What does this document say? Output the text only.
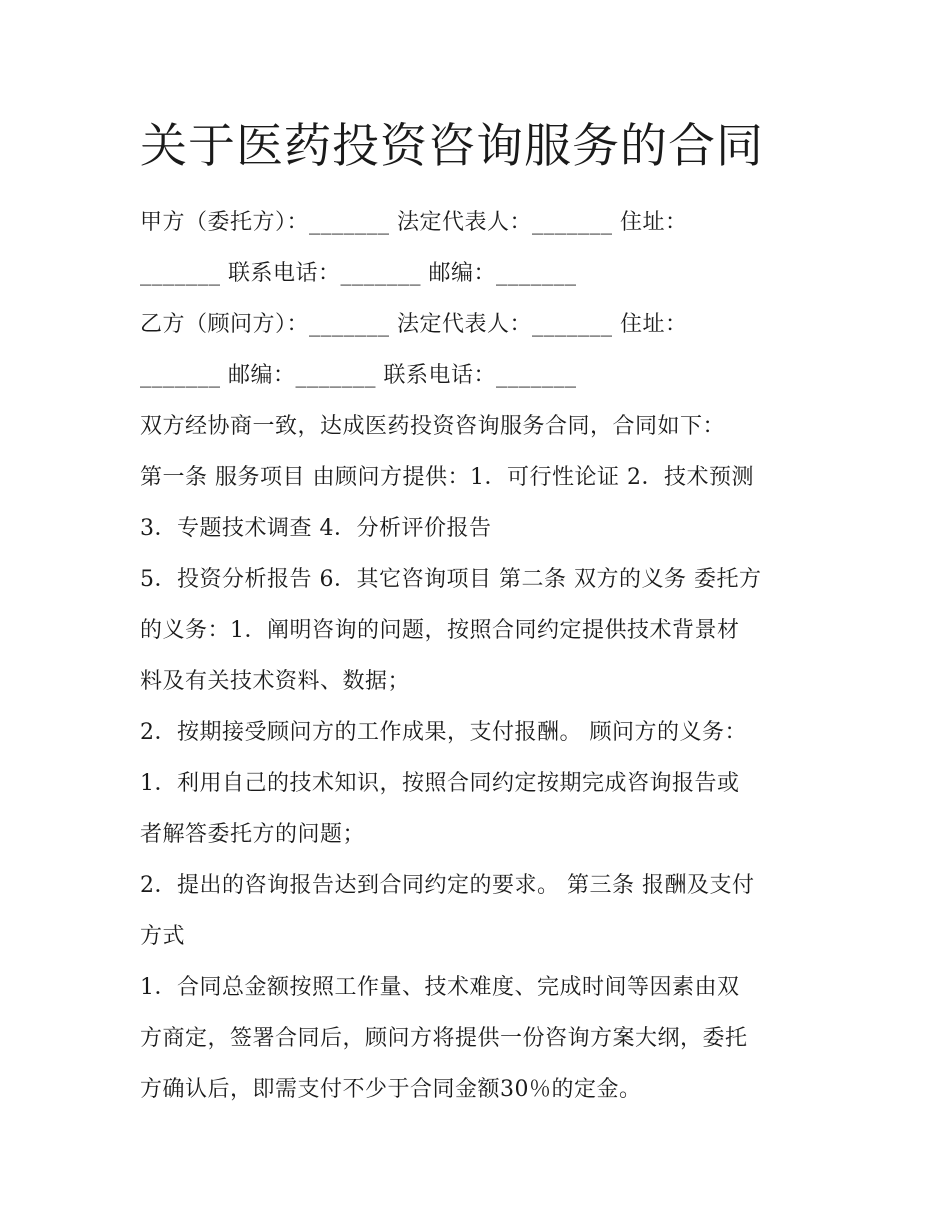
关于医药投资咨询服务的合同
甲方（委托方）：_______ 法定代表人：_______ 住址：
_______ 联系电话：_______ 邮编：_______
乙方（顾问方）：_______ 法定代表人：_______ 住址：
_______ 邮编：_______ 联系电话：_______
双方经协商一致，达成医药投资咨询服务合同，合同如下：
第一条 服务项目 由顾问方提供：1．可行性论证 2．技术预测
3．专题技术调查 4．分析评价报告
5．投资分析报告 6．其它咨询项目 第二条 双方的义务 委托方
的义务：1．阐明咨询的问题，按照合同约定提供技术背景材
料及有关技术资料、数据；
2．按期接受顾问方的工作成果，支付报酬。 顾问方的义务：
1．利用自己的技术知识，按照合同约定按期完成咨询报告或
者解答委托方的问题；
2．提出的咨询报告达到合同约定的要求。 第三条 报酬及支付
方式
1．合同总金额按照工作量、技术难度、完成时间等因素由双
方商定，签署合同后，顾问方将提供一份咨询方案大纲，委托
方确认后，即需支付不少于合同金额30％的定金。
